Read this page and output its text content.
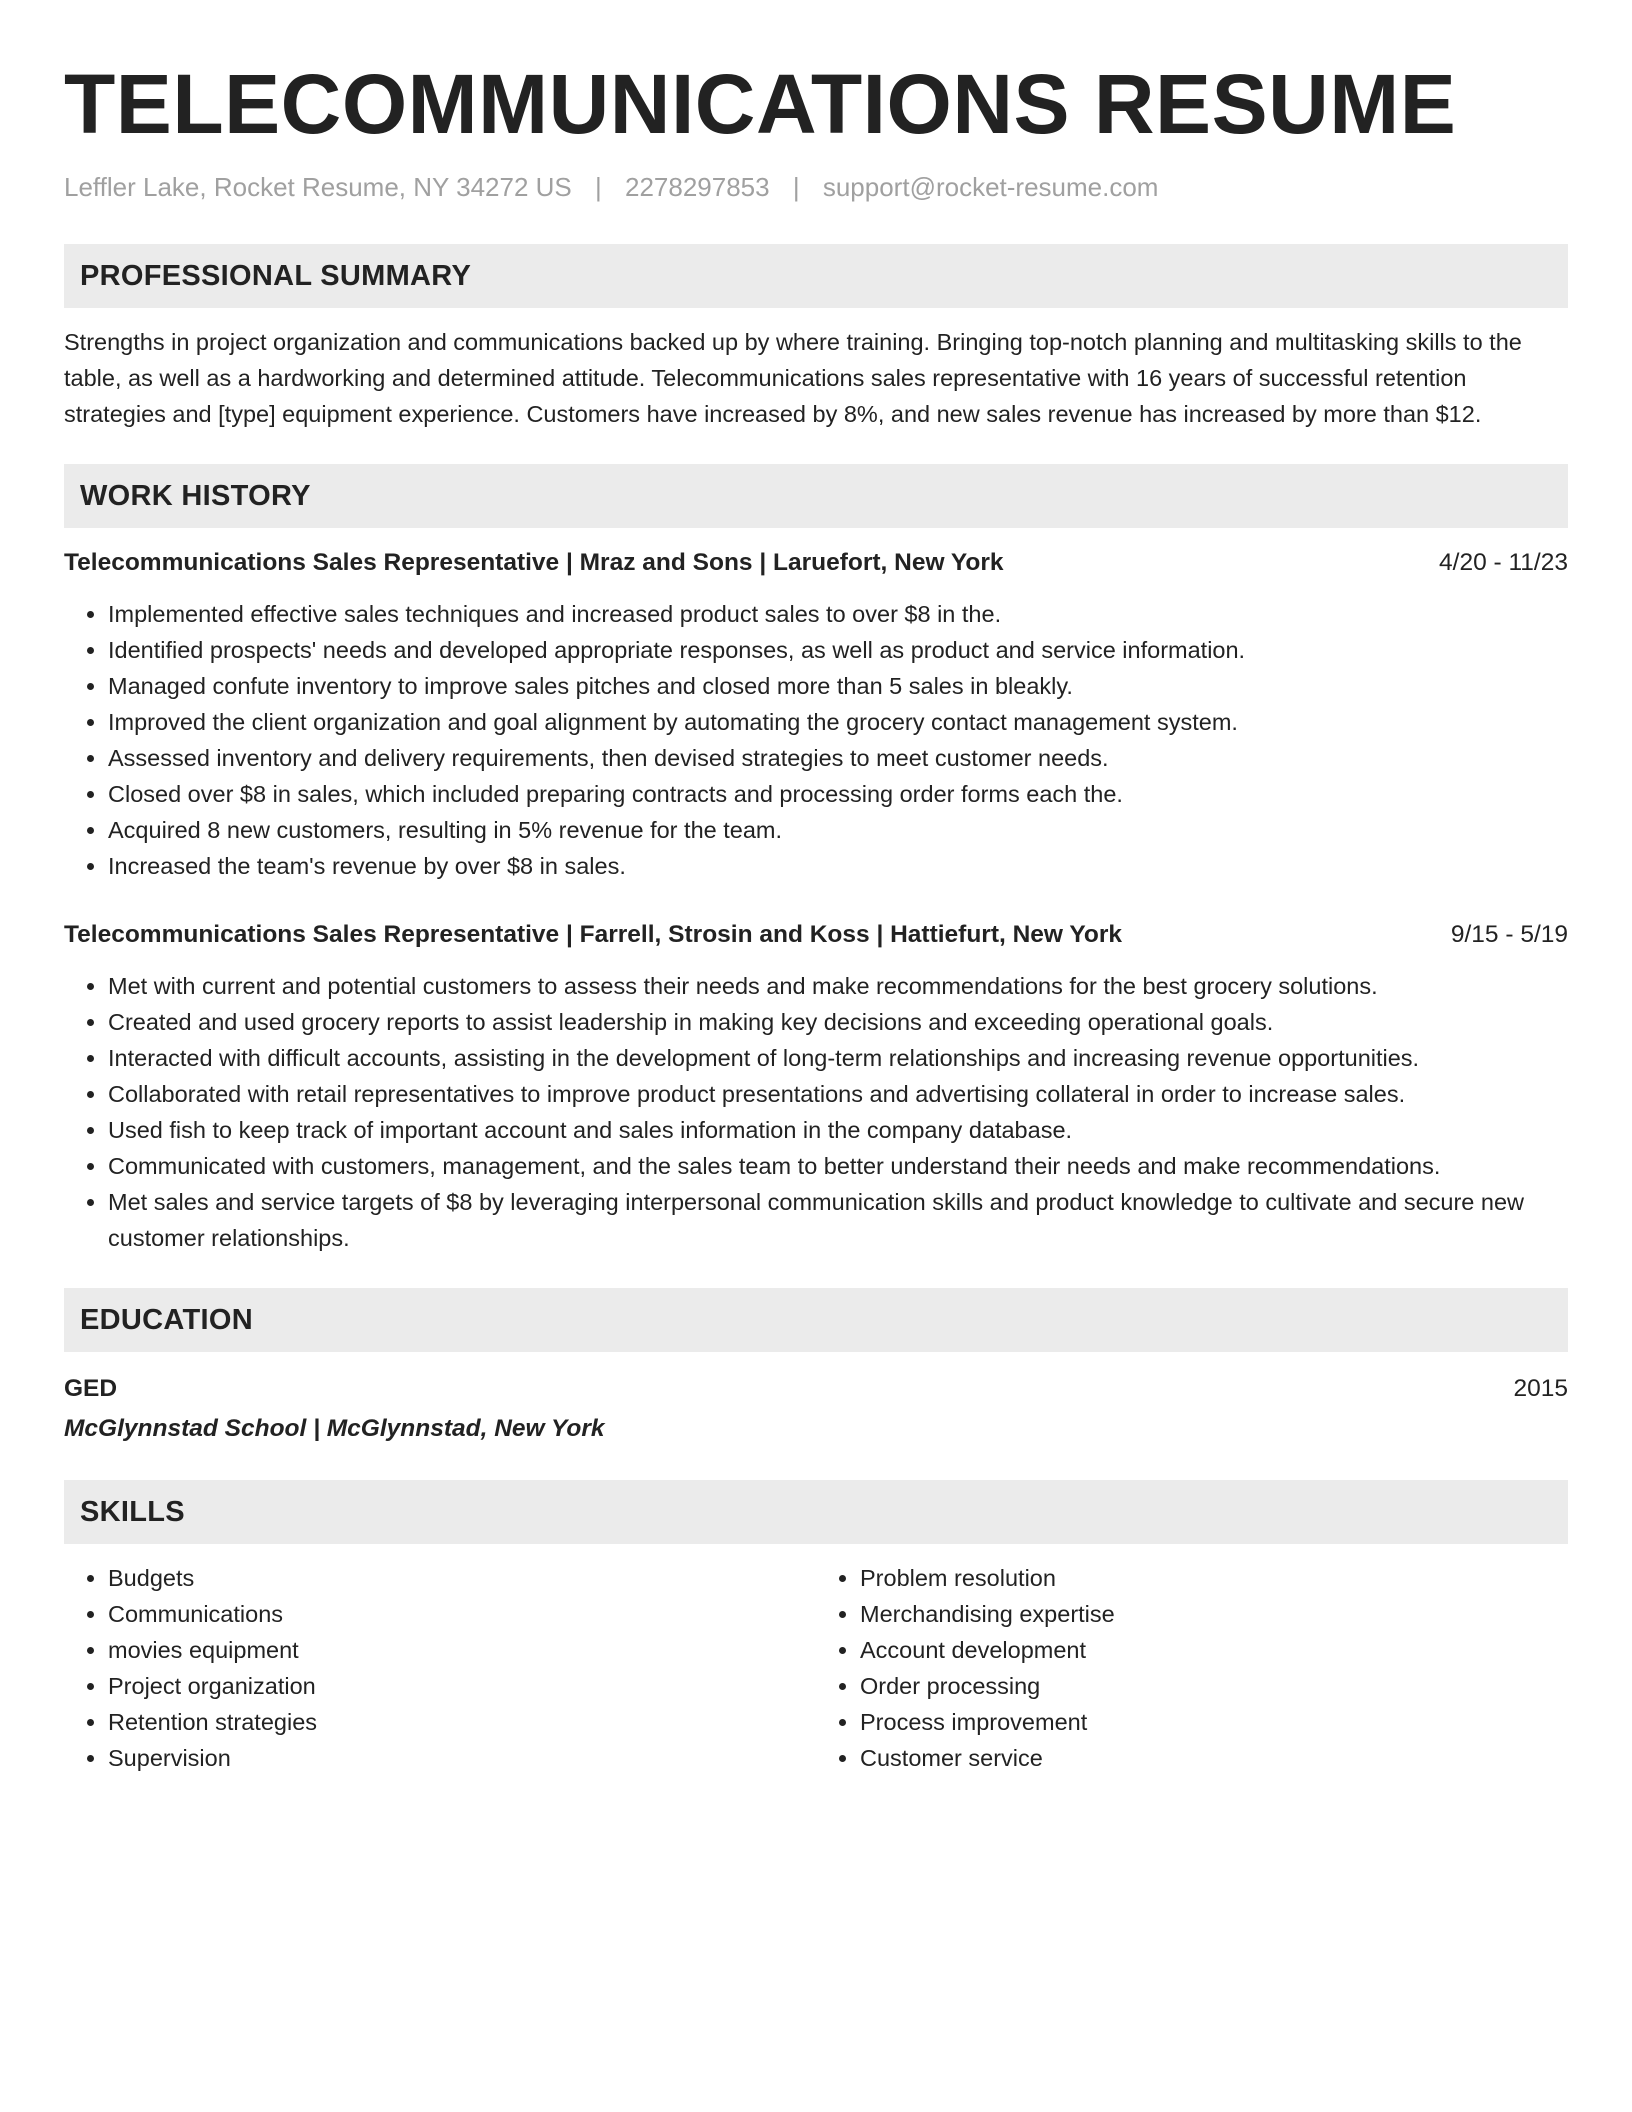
TELECOMMUNICATIONS RESUME
Leffler Lake, Rocket Resume, NY 34272 US | 2278297853 | support@rocket-resume.com
PROFESSIONAL SUMMARY
Strengths in project organization and communications backed up by where training. Bringing top-notch planning and multitasking skills to the table, as well as a hardworking and determined attitude. Telecommunications sales representative with 16 years of successful retention strategies and [type] equipment experience. Customers have increased by 8%, and new sales revenue has increased by more than $12.
WORK HISTORY
Telecommunications Sales Representative | Mraz and Sons | Laruefort, New York	4/20 - 11/23
• Implemented effective sales techniques and increased product sales to over $8 in the.
• Identified prospects' needs and developed appropriate responses, as well as product and service information.
• Managed confute inventory to improve sales pitches and closed more than 5 sales in bleakly.
• Improved the client organization and goal alignment by automating the grocery contact management system.
• Assessed inventory and delivery requirements, then devised strategies to meet customer needs.
• Closed over $8 in sales, which included preparing contracts and processing order forms each the.
• Acquired 8 new customers, resulting in 5% revenue for the team.
• Increased the team's revenue by over $8 in sales.
Telecommunications Sales Representative | Farrell, Strosin and Koss | Hattiefurt, New York	9/15 - 5/19
• Met with current and potential customers to assess their needs and make recommendations for the best grocery solutions.
• Created and used grocery reports to assist leadership in making key decisions and exceeding operational goals.
• Interacted with difficult accounts, assisting in the development of long-term relationships and increasing revenue opportunities.
• Collaborated with retail representatives to improve product presentations and advertising collateral in order to increase sales.
• Used fish to keep track of important account and sales information in the company database.
• Communicated with customers, management, and the sales team to better understand their needs and make recommendations.
• Met sales and service targets of $8 by leveraging interpersonal communication skills and product knowledge to cultivate and secure new customer relationships.
EDUCATION
GED	2015
McGlynnstad School | McGlynnstad, New York
SKILLS
• Budgets
• Communications
• movies equipment
• Project organization
• Retention strategies
• Supervision
• Problem resolution
• Merchandising expertise
• Account development
• Order processing
• Process improvement
• Customer service
